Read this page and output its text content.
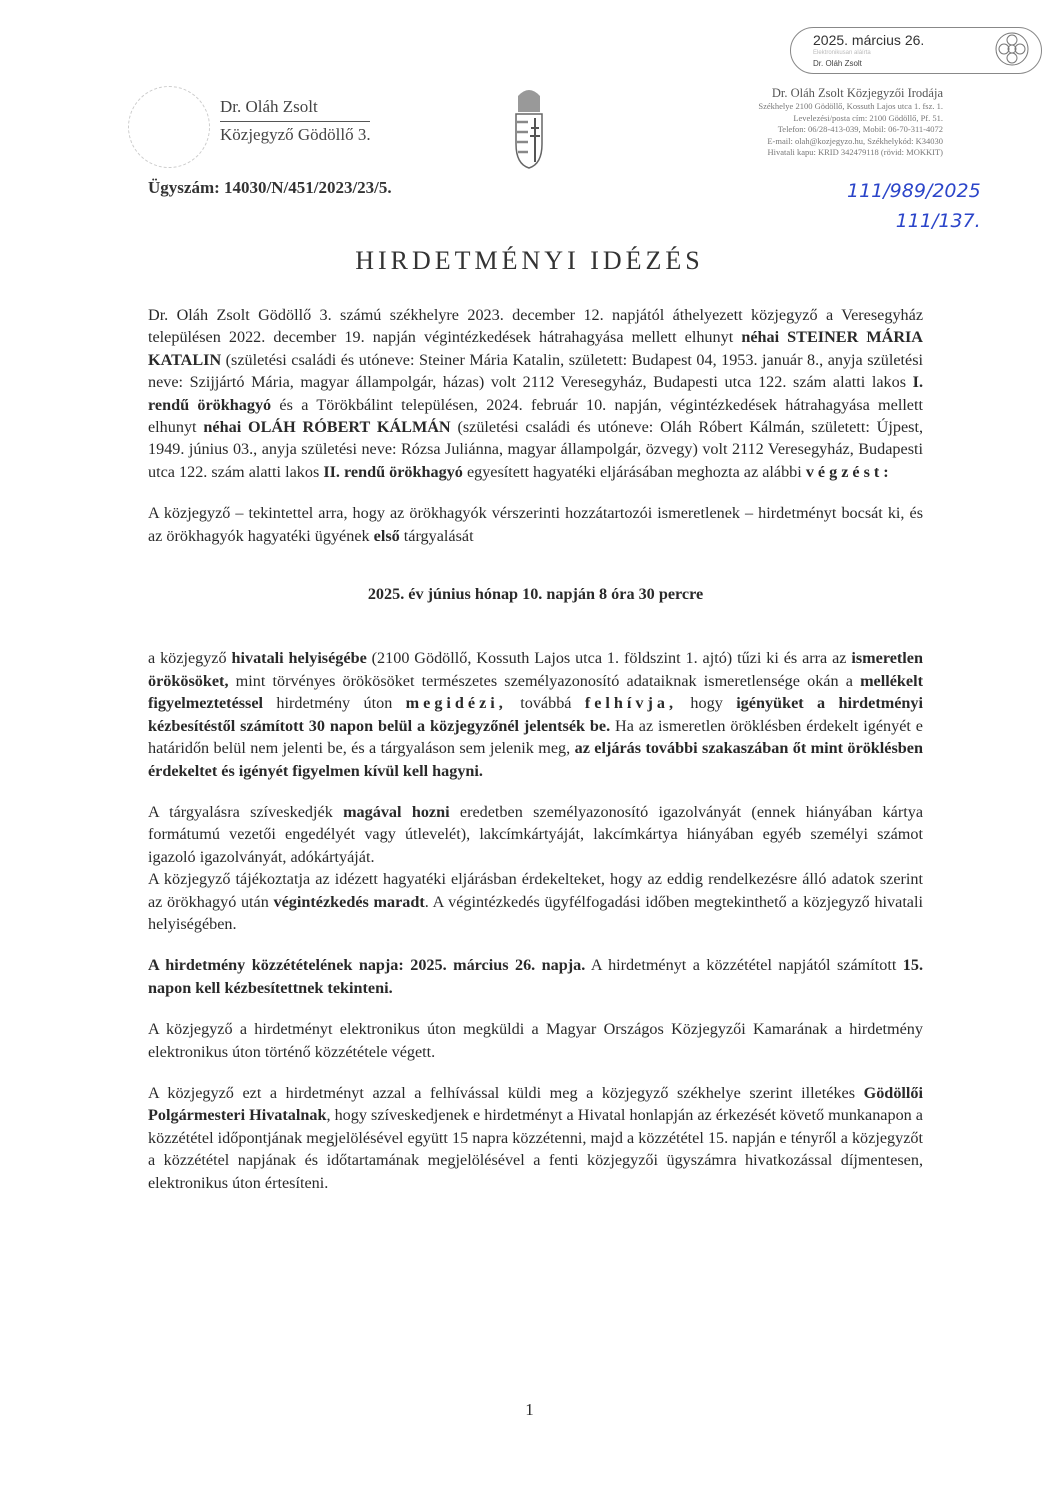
Dr. Oláh Zsolt
Közjegyző Gödöllő 3.
2025. március 26.
Elektronikusan aláírta
Dr. Oláh Zsolt
Dr. Oláh Zsolt Közjegyzői Irodája
Székhelye 2100 Gödöllő, Kossuth Lajos utca 1. fsz. 1.
Levelezési/posta cím: 2100 Gödöllő, Pf. 51.
Telefon: 06/28-413-039, Mobil: 06-70-311-4072
E-mail: olah@kozjegyzo.hu, Székhelykód: K34030
Hivatali kapu: KRID 342479118 (rövid: MOKKIT)
Ügyszám: 14030/N/451/2023/23/5.	111/989/2025
111/137.
HIRDETMÉNYI IDÉZÉS

Dr. Oláh Zsolt Gödöllő 3. számú székhelyre 2023. december 12. napjától áthelyezett közjegyző a Veresegyház településen 2022. december 19. napján végintézkedések hátrahagyása mellett elhunyt néhai STEINER MÁRIA KATALIN (születési családi és utóneve: Steiner Mária Katalin, született: Budapest 04, 1953. január 8., anyja születési neve: Szijjártó Mária, magyar állampolgár, házas) volt 2112 Veresegyház, Budapesti utca 122. szám alatti lakos I. rendű örökhagyó és a Törökbálint településen, 2024. február 10. napján, végintézkedések hátrahagyása mellett elhunyt néhai OLÁH RÓBERT KÁLMÁN (születési családi és utóneve: Oláh Róbert Kálmán, született: Újpest, 1949. június 03., anyja születési neve: Rózsa Juliánna, magyar állampolgár, özvegy) volt 2112 Veresegyház, Budapesti utca 122. szám alatti lakos II. rendű örökhagyó egyesített hagyatéki eljárásában meghozta az alábbi végzést:

A közjegyző – tekintettel arra, hogy az örökhagyók vérszerinti hozzátartozói ismeretlenek – hirdetményt bocsát ki, és az örökhagyók hagyatéki ügyének első tárgyalását

2025. év június hónap 10. napján 8 óra 30 percre

a közjegyző hivatali helyiségébe (2100 Gödöllő, Kossuth Lajos utca 1. földszint 1. ajtó) tűzi ki és arra az ismeretlen örökösöket, mint törvényes örökösöket természetes személyazonosító adataiknak ismeretlensége okán a mellékelt figyelmeztetéssel hirdetmény úton megidézi, továbbá felhívja, hogy igényüket a hirdetményi kézbesítéstől számított 30 napon belül a közjegyzőnél jelentsék be. Ha az ismeretlen öröklésben érdekelt igényét e határidőn belül nem jelenti be, és a tárgyaláson sem jelenik meg, az eljárás további szakaszában őt mint öröklésben érdekeltet és igényét figyelmen kívül kell hagyni.

A tárgyalásra szíveskedjék magával hozni eredetben személyazonosító igazolványát (ennek hiányában kártya formátumú vezetői engedélyét vagy útlevelét), lakcímkártyáját, lakcímkártya hiányában egyéb személyi számot igazoló igazolványát, adókártyáját.

A közjegyző tájékoztatja az idézett hagyatéki eljárásban érdekelteket, hogy az eddig rendelkezésre álló adatok szerint az örökhagyó után végintézkedés maradt. A végintézkedés ügyfélfogadási időben megtekinthető a közjegyző hivatali helyiségében.

A hirdetmény közzétételének napja: 2025. március 26. napja. A hirdetményt a közzététel napjától számított 15. napon kell kézbesítettnek tekinteni.

A közjegyző a hirdetményt elektronikus úton megküldi a Magyar Országos Közjegyzői Kamarának a hirdetmény elektronikus úton történő közzététele végett.

A közjegyző ezt a hirdetményt azzal a felhívással küldi meg a közjegyző székhelye szerint illetékes Gödöllői Polgármesteri Hivatalnak, hogy szíveskedjenek e hirdetményt a Hivatal honlapján az érkezését követő munkanapon a közzététel időpontjának megjelölésével együtt 15 napra közzétenni, majd a közzététel 15. napján e tényről a közjegyzőt a közzététel napjának és időtartamának megjelölésével a fenti közjegyzői ügyszámra hivatkozással díjmentesen, elektronikus úton értesíteni.

1
